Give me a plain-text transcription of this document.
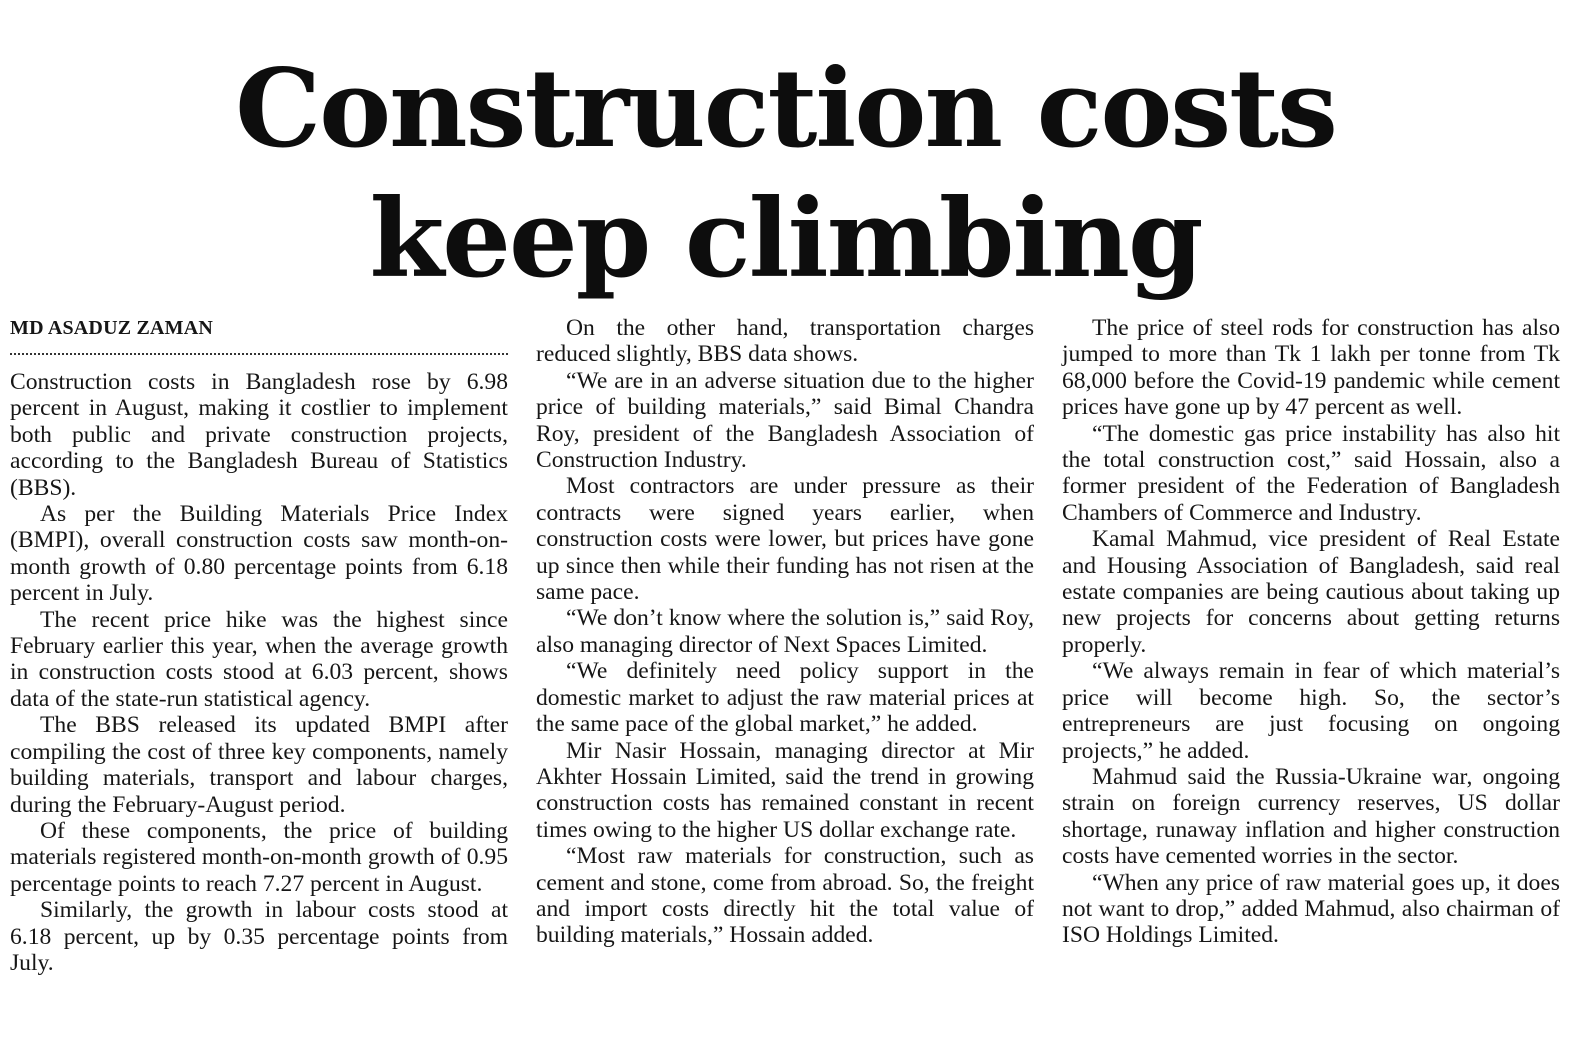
Construction costs
keep climbing
MD ASADUZ ZAMAN

Construction costs in Bangladesh rose by 6.98 percent in August, making it costlier to implement both public and private construction projects, according to the Bangladesh Bureau of Statistics (BBS).

As per the Building Materials Price Index (BMPI), overall construction costs saw month-on-month growth of 0.80 percentage points from 6.18 percent in July.

The recent price hike was the highest since February earlier this year, when the average growth in construction costs stood at 6.03 percent, shows data of the state-run statistical agency.

The BBS released its updated BMPI after compiling the cost of three key components, namely building materials, transport and labour charges, during the February-August period.

Of these components, the price of building materials registered month-on-month growth of 0.95 percentage points to reach 7.27 percent in August.

Similarly, the growth in labour costs stood at 6.18 percent, up by 0.35 percentage points from July.

On the other hand, transportation charges reduced slightly, BBS data shows.

“We are in an adverse situation due to the higher price of building materials,” said Bimal Chandra Roy, president of the Bangladesh Association of Construction Industry.

Most contractors are under pressure as their contracts were signed years earlier, when construction costs were lower, but prices have gone up since then while their funding has not risen at the same pace.

“We don’t know where the solution is,” said Roy, also managing director of Next Spaces Limited.

“We definitely need policy support in the domestic market to adjust the raw material prices at the same pace of the global market,” he added.

Mir Nasir Hossain, managing director at Mir Akhter Hossain Limited, said the trend in growing construction costs has remained constant in recent times owing to the higher US dollar exchange rate.

“Most raw materials for construction, such as cement and stone, come from abroad. So, the freight and import costs directly hit the total value of building materials,” Hossain added.

The price of steel rods for construction has also jumped to more than Tk 1 lakh per tonne from Tk 68,000 before the Covid-19 pandemic while cement prices have gone up by 47 percent as well.

“The domestic gas price instability has also hit the total construction cost,” said Hossain, also a former president of the Federation of Bangladesh Chambers of Commerce and Industry.

Kamal Mahmud, vice president of Real Estate and Housing Association of Bangladesh, said real estate companies are being cautious about taking up new projects for concerns about getting returns properly.

“We always remain in fear of which material’s price will become high. So, the sector’s entrepreneurs are just focusing on ongoing projects,” he added.

Mahmud said the Russia-Ukraine war, ongoing strain on foreign currency reserves, US dollar shortage, runaway inflation and higher construction costs have cemented worries in the sector.

“When any price of raw material goes up, it does not want to drop,” added Mahmud, also chairman of ISO Holdings Limited.
